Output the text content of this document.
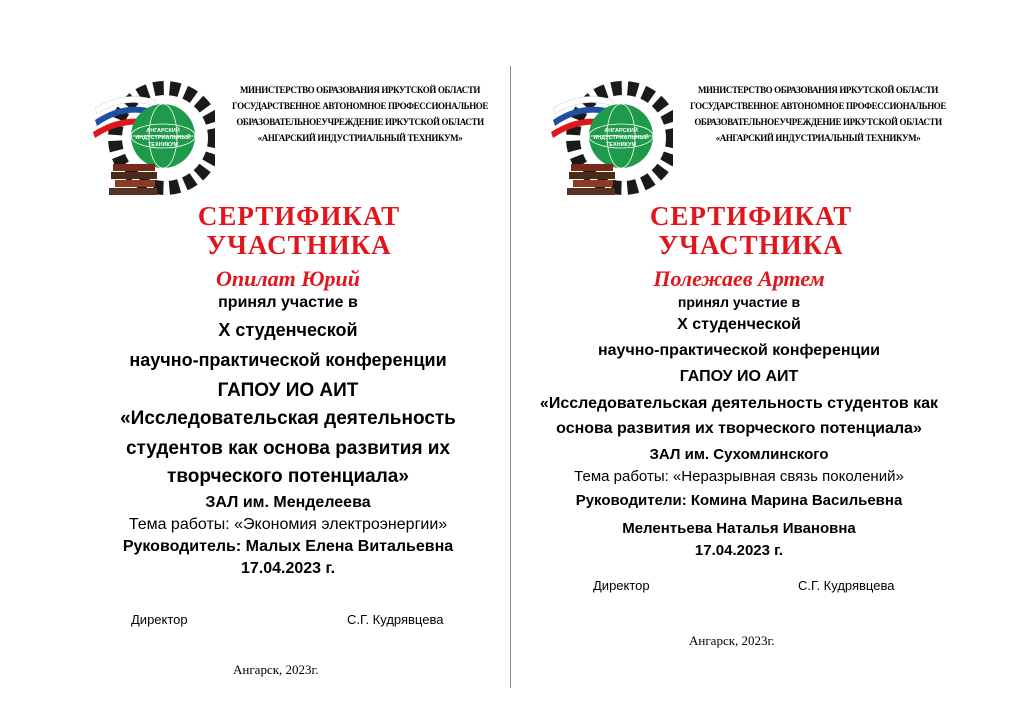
АНГАРСКИЙ
ИНДУСТРИАЛЬНЫЙ
ТЕХНИКУМ
МИНИСТЕРСТВО ОБРАЗОВАНИЯ ИРКУТСКОЙ ОБЛАСТИ
ГОСУДАРСТВЕННОЕ АВТОНОМНОЕ ПРОФЕССИОНАЛЬНОЕ
ОБРАЗОВАТЕЛЬНОЕУЧРЕЖДЕНИЕ ИРКУТСКОЙ ОБЛАСТИ
«АНГАРСКИЙ ИНДУСТРИАЛЬНЫЙ ТЕХНИКУМ»
СЕРТИФИКАТ
УЧАСТНИКА
Опилат Юрий
принял участие в
X студенческой
научно-практической конференции
ГАПОУ ИО АИТ
«Исследовательская деятельность
студентов как основа развития их
творческого потенциала»
ЗАЛ им. Менделеева
Тема работы: «Экономия электроэнергии»
Руководитель: Малых Елена Витальевна
17.04.2023 г.
Директор	С.Г. Кудрявцева
Ангарск, 2023г.
АНГАРСКИЙ
ИНДУСТРИАЛЬНЫЙ
ТЕХНИКУМ
МИНИСТЕРСТВО ОБРАЗОВАНИЯ ИРКУТСКОЙ ОБЛАСТИ
ГОСУДАРСТВЕННОЕ АВТОНОМНОЕ ПРОФЕССИОНАЛЬНОЕ
ОБРАЗОВАТЕЛЬНОЕУЧРЕЖДЕНИЕ ИРКУТСКОЙ ОБЛАСТИ
«АНГАРСКИЙ ИНДУСТРИАЛЬНЫЙ ТЕХНИКУМ»
СЕРТИФИКАТ
УЧАСТНИКА
Полежаев Артем
принял участие в
X студенческой
научно-практической конференции
ГАПОУ ИО АИТ
«Исследовательская деятельность студентов как
основа развития их творческого потенциала»
ЗАЛ им. Сухомлинского
Тема работы: «Неразрывная связь поколений»
Руководители: Комина Марина Васильевна
Мелентьева Наталья Ивановна
17.04.2023 г.
Директор	С.Г. Кудрявцева
Ангарск, 2023г.
